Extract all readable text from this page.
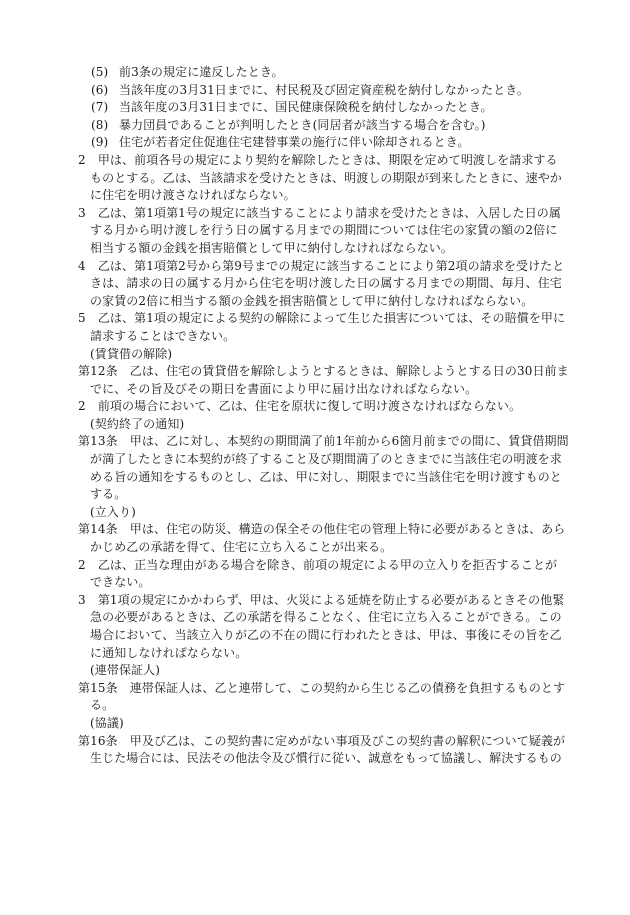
(5) 前3条の規定に違反したとき。
(6) 当該年度の3月31日までに、村民税及び固定資産税を納付しなかったとき。
(7) 当該年度の3月31日までに、国民健康保険税を納付しなかったとき。
(8) 暴力団員であることが判明したとき(同居者が該当する場合を含む。)
(9) 住宅が若者定住促進住宅建替事業の施行に伴い除却されるとき。
2　甲は、前項各号の規定により契約を解除したときは、期限を定めて明渡しを請求する
ものとする。乙は、当該請求を受けたときは、明渡しの期限が到来したときに、速やか
に住宅を明け渡さなければならない。
3　乙は、第1項第1号の規定に該当することにより請求を受けたときは、入居した日の属
する月から明け渡しを行う日の属する月までの期間については住宅の家賃の額の2倍に
相当する額の金銭を損害賠償として甲に納付しなければならない。
4　乙は、第1項第2号から第9号までの規定に該当することにより第2項の請求を受けたと
きは、請求の日の属する月から住宅を明け渡した日の属する月までの期間、毎月、住宅
の家賃の2倍に相当する額の金銭を損害賠償として甲に納付しなければならない。
5　乙は、第1項の規定による契約の解除によって生じた損害については、その賠償を甲に
請求することはできない。
(賃貸借の解除)
第12条　乙は、住宅の賃貸借を解除しようとするときは、解除しようとする日の30日前ま
でに、その旨及びその期日を書面により甲に届け出なければならない。
2　前項の場合において、乙は、住宅を原状に復して明け渡さなければならない。
(契約終了の通知)
第13条　甲は、乙に対し、本契約の期間満了前1年前から6箇月前までの間に、賃貸借期間
が満了したときに本契約が終了すること及び期間満了のときまでに当該住宅の明渡を求
める旨の通知をするものとし、乙は、甲に対し、期限までに当該住宅を明け渡すものと
する。
(立入り)
第14条　甲は、住宅の防災、構造の保全その他住宅の管理上特に必要があるときは、あら
かじめ乙の承諾を得て、住宅に立ち入ることが出来る。
2　乙は、正当な理由がある場合を除き、前項の規定による甲の立入りを拒否することが
できない。
3　第1項の規定にかかわらず、甲は、火災による延焼を防止する必要があるときその他緊
急の必要があるときは、乙の承諾を得ることなく、住宅に立ち入ることができる。この
場合において、当該立入りが乙の不在の間に行われたときは、甲は、事後にその旨を乙
に通知しなければならない。
(連帯保証人)
第15条　連帯保証人は、乙と連帯して、この契約から生じる乙の債務を負担するものとす
る。
(協議)
第16条　甲及び乙は、この契約書に定めがない事項及びこの契約書の解釈について疑義が
生じた場合には、民法その他法令及び慣行に従い、誠意をもって協議し、解決するもの
